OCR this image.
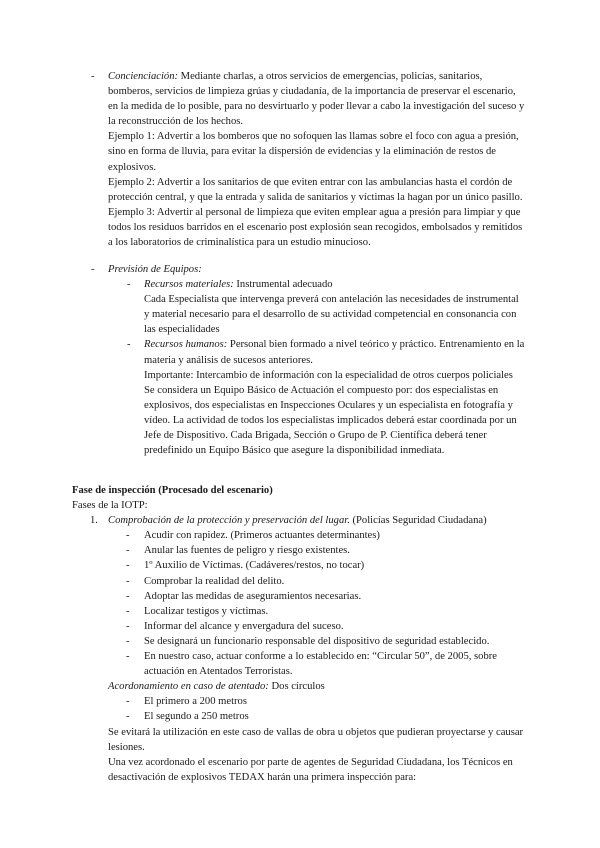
- Concienciación: Mediante charlas, a otros servicios de emergencias, policías, sanitarios, bomberos, servicios de limpieza grúas y ciudadanía, de la importancia de preservar el escenario, en la medida de lo posible, para no desvirtuarlo y poder llevar a cabo la investigación del suceso y la reconstrucción de los hechos.

Ejemplo 1: Advertir a los bomberos que no sofoquen las llamas sobre el foco con agua a presión, sino en forma de lluvia, para evitar la dispersión de evidencias y la eliminación de restos de explosivos.

Ejemplo 2: Advertir a los sanitarios de que eviten entrar con las ambulancias hasta el cordón de protección central, y que la entrada y salida de sanitarios y víctimas la hagan por un único pasillo.

Ejemplo 3: Advertir al personal de limpieza que eviten emplear agua a presión para limpiar y que todos los residuos barridos en el escenario post explosión sean recogidos, embolsados y remitidos a los laboratorios de criminalística para un estudio minucioso.

- Previsión de Equipos:

- Recursos materiales: Instrumental adecuado

Cada Especialista que intervenga preverá con antelación las necesidades de instrumental y material necesario para el desarrollo de su actividad competencial en consonancia con las especialidades

- Recursos humanos: Personal bien formado a nivel teórico y práctico. Entrenamiento en la materia y análisis de sucesos anteriores.

Importante: Intercambio de información con la especialidad de otros cuerpos policiales

Se considera un Equipo Básico de Actuación el compuesto por: dos especialistas en explosivos, dos especialistas en Inspecciones Oculares y un especialista en fotografía y vídeo. La actividad de todos los especialistas implicados deberá estar coordinada por un Jefe de Dispositivo. Cada Brigada, Sección o Grupo de P. Científica deberá tener predefinido un Equipo Básico que asegure la disponibilidad inmediata.

Fase de inspección (Procesado del escenario)

Fases de la IOTP:

1. Comprobación de la protección y preservación del lugar. (Policías Seguridad Ciudadana)

- Acudir con rapidez. (Primeros actuantes determinantes)

- Anular las fuentes de peligro y riesgo existentes.

- 1º Auxilio de Víctimas. (Cadáveres/restos, no tocar)

- Comprobar la realidad del delito.

- Adoptar las medidas de aseguramientos necesarias.

- Localizar testigos y víctimas.

- Informar del alcance y envergadura del suceso.

- Se designará un funcionario responsable del dispositivo de seguridad establecido.

- En nuestro caso, actuar conforme a lo establecido en: “Circular 50”, de 2005, sobre actuación en Atentados Terroristas.

Acordonamiento en caso de atentado: Dos círculos

- El primero a 200 metros

- El segundo a 250 metros

Se evitará la utilización en este caso de vallas de obra u objetos que pudieran proyectarse y causar lesiones.

Una vez acordonado el escenario por parte de agentes de Seguridad Ciudadana, los Técnicos en desactivación de explosivos TEDAX harán una primera inspección para:
